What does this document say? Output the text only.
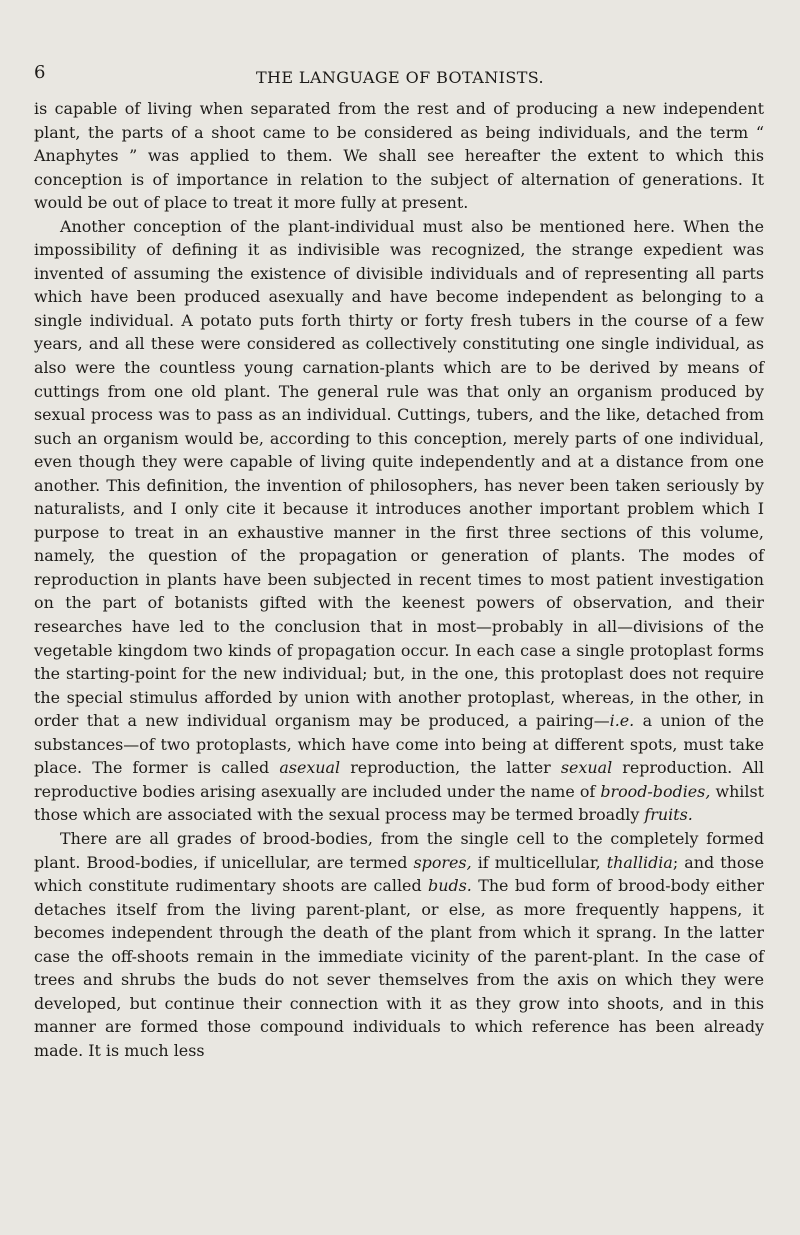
6	THE LANGUAGE OF BOTANISTS.

is capable of living when separated from the rest and of producing a new independent plant, the parts of a shoot came to be considered as being individuals, and the term “ Anaphytes ” was applied to them. We shall see hereafter the extent to which this conception is of importance in relation to the subject of alternation of generations. It would be out of place to treat it more fully at present.

Another conception of the plant-individual must also be mentioned here. When the impossibility of defining it as indivisible was recognized, the strange expedient was invented of assuming the existence of divisible individuals and of representing all parts which have been produced asexually and have become independent as belonging to a single individual. A potato puts forth thirty or forty fresh tubers in the course of a few years, and all these were considered as collectively constituting one single individual, as also were the countless young carnation-plants which are to be derived by means of cuttings from one old plant. The general rule was that only an organism produced by sexual process was to pass as an individual. Cuttings, tubers, and the like, detached from such an organism would be, according to this conception, merely parts of one individual, even though they were capable of living quite independently and at a distance from one another. This definition, the invention of philosophers, has never been taken seriously by naturalists, and I only cite it because it introduces another important problem which I purpose to treat in an exhaustive manner in the first three sections of this volume, namely, the question of the propagation or generation of plants. The modes of reproduction in plants have been subjected in recent times to most patient investigation on the part of botanists gifted with the keenest powers of observation, and their researches have led to the conclusion that in most—probably in all—divisions of the vegetable kingdom two kinds of propagation occur. In each case a single protoplast forms the starting-point for the new individual; but, in the one, this protoplast does not require the special stimulus afforded by union with another protoplast, whereas, in the other, in order that a new individual organism may be produced, a pairing—i.e. a union of the substances—of two protoplasts, which have come into being at different spots, must take place. The former is called asexual reproduction, the latter sexual reproduction. All reproductive bodies arising asexually are included under the name of brood-bodies, whilst those which are associated with the sexual process may be termed broadly fruits.

There are all grades of brood-bodies, from the single cell to the completely formed plant. Brood-bodies, if unicellular, are termed spores, if multicellular, thallidia; and those which constitute rudimentary shoots are called buds. The bud form of brood-body either detaches itself from the living parent-plant, or else, as more frequently happens, it becomes independent through the death of the plant from which it sprang. In the latter case the off-shoots remain in the immediate vicinity of the parent-plant. In the case of trees and shrubs the buds do not sever themselves from the axis on which they were developed, but continue their connection with it as they grow into shoots, and in this manner are formed those compound individuals to which reference has been already made. It is much less
